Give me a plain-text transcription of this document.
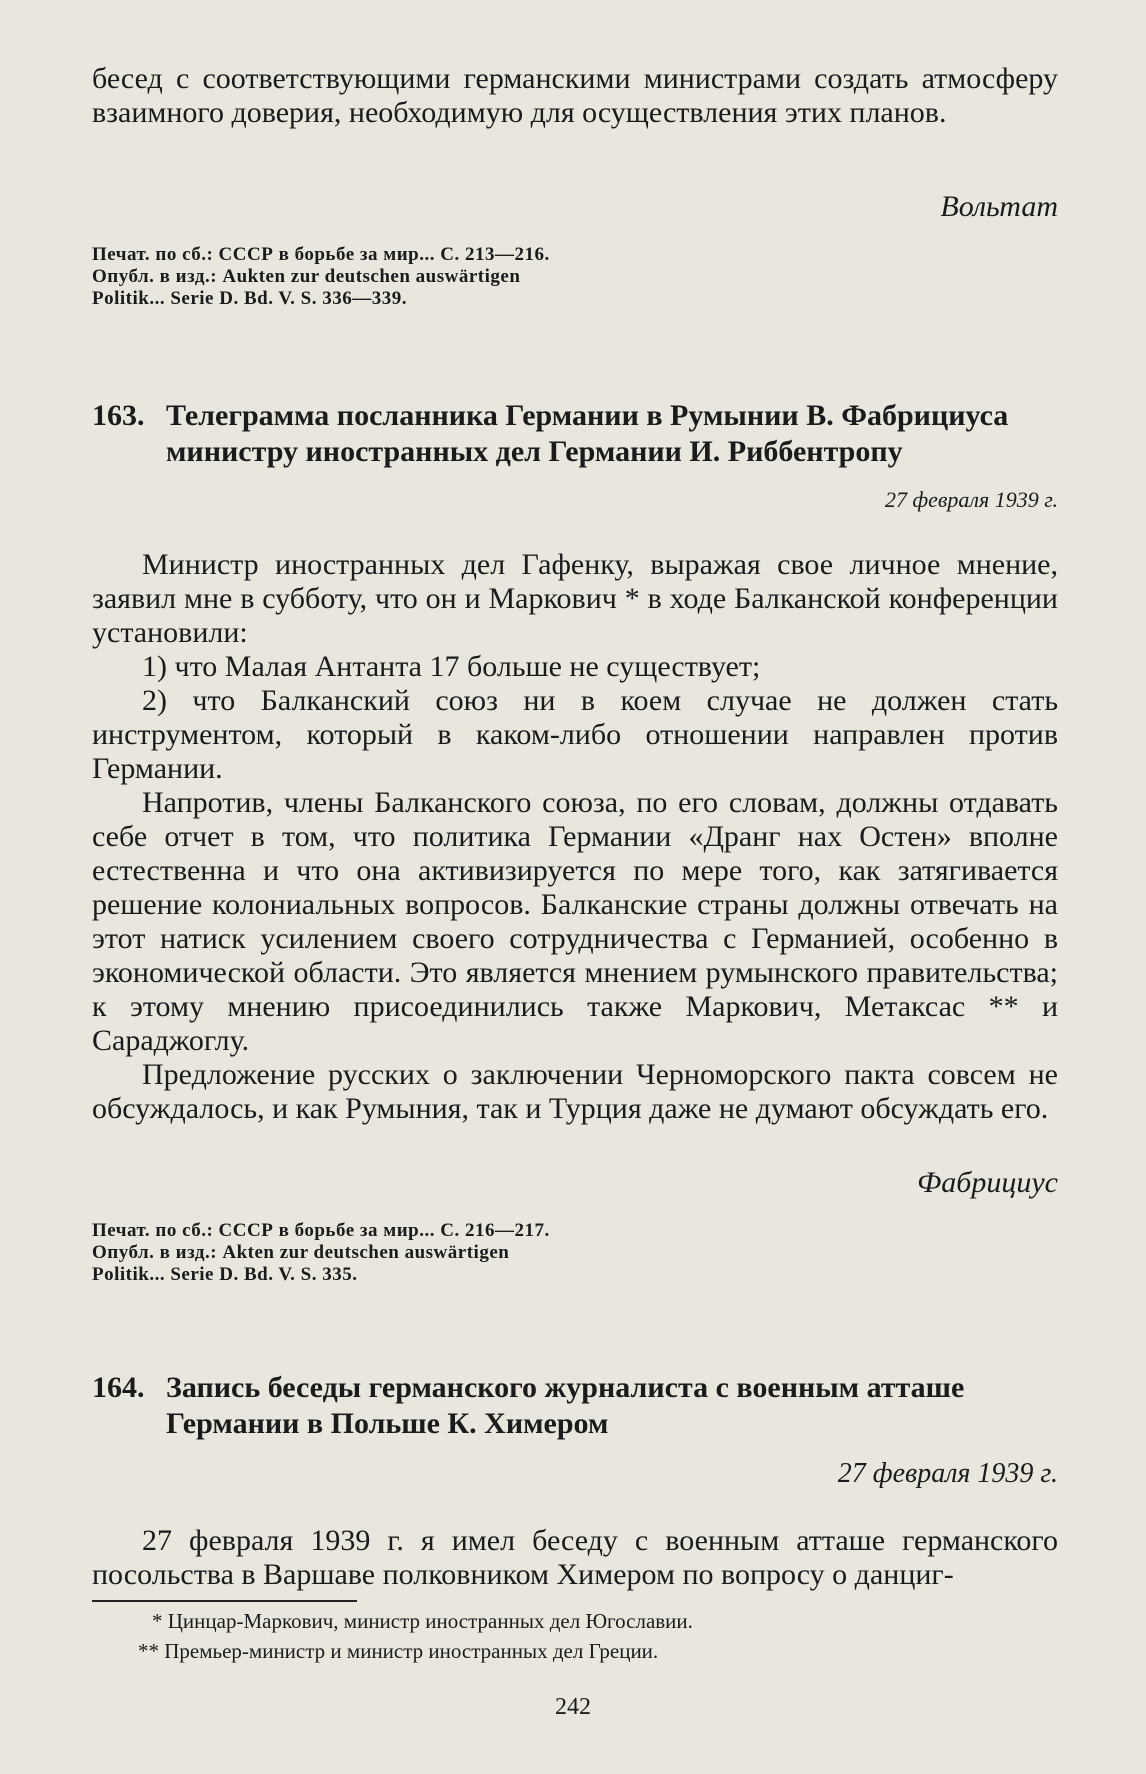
бесед с соответствующими германскими министрами создать атмосферу взаимного доверия, необходимую для осуществления этих планов.

Вольтат

Печат. по сб.: СССР в борьбе за мир... С. 213—216. Опубл. в изд.: Aukten zur deutschen auswärtigen Politik... Serie D. Bd. V. S. 336—339.

163. Телеграмма посланника Германии в Румынии В. Фабрициуса
министру иностранных дел Германии И. Риббентропу

27 февраля 1939 г.

Министр иностранных дел Гафенку, выражая свое личное мнение, заявил мне в субботу, что он и Маркович * в ходе Балканской конференции установили:

1) что Малая Антанта 17 больше не существует;

2) что Балканский союз ни в коем случае не должен стать инструментом, который в каком-либо отношении направлен против Германии.

Напротив, члены Балканского союза, по его словам, должны отдавать себе отчет в том, что политика Германии «Дранг нах Остен» вполне естественна и что она активизируется по мере того, как затягивается решение колониальных вопросов. Балканские страны должны отвечать на этот натиск усилением своего сотрудничества с Германией, особенно в экономической области. Это является мнением румынского правительства; к этому мнению присоединились также Маркович, Метаксас ** и Сараджоглу.

Предложение русских о заключении Черноморского пакта совсем не обсуждалось, и как Румыния, так и Турция даже не думают обсуждать его.

Фабрициус

Печат. по сб.: СССР в борьбе за мир... С. 216—217. Опубл. в изд.: Akten zur deutschen auswärtigen Politik... Serie D. Bd. V. S. 335.

164. Запись беседы германского журналиста с военным атташе
Германии в Польше К. Химером

27 февраля 1939 г.

27 февраля 1939 г. я имел беседу с военным атташе германского посольства в Варшаве полковником Химером по вопросу о данциг-

* Цинцар-Маркович, министр иностранных дел Югославии.

** Премьер-министр и министр иностранных дел Греции.

242
